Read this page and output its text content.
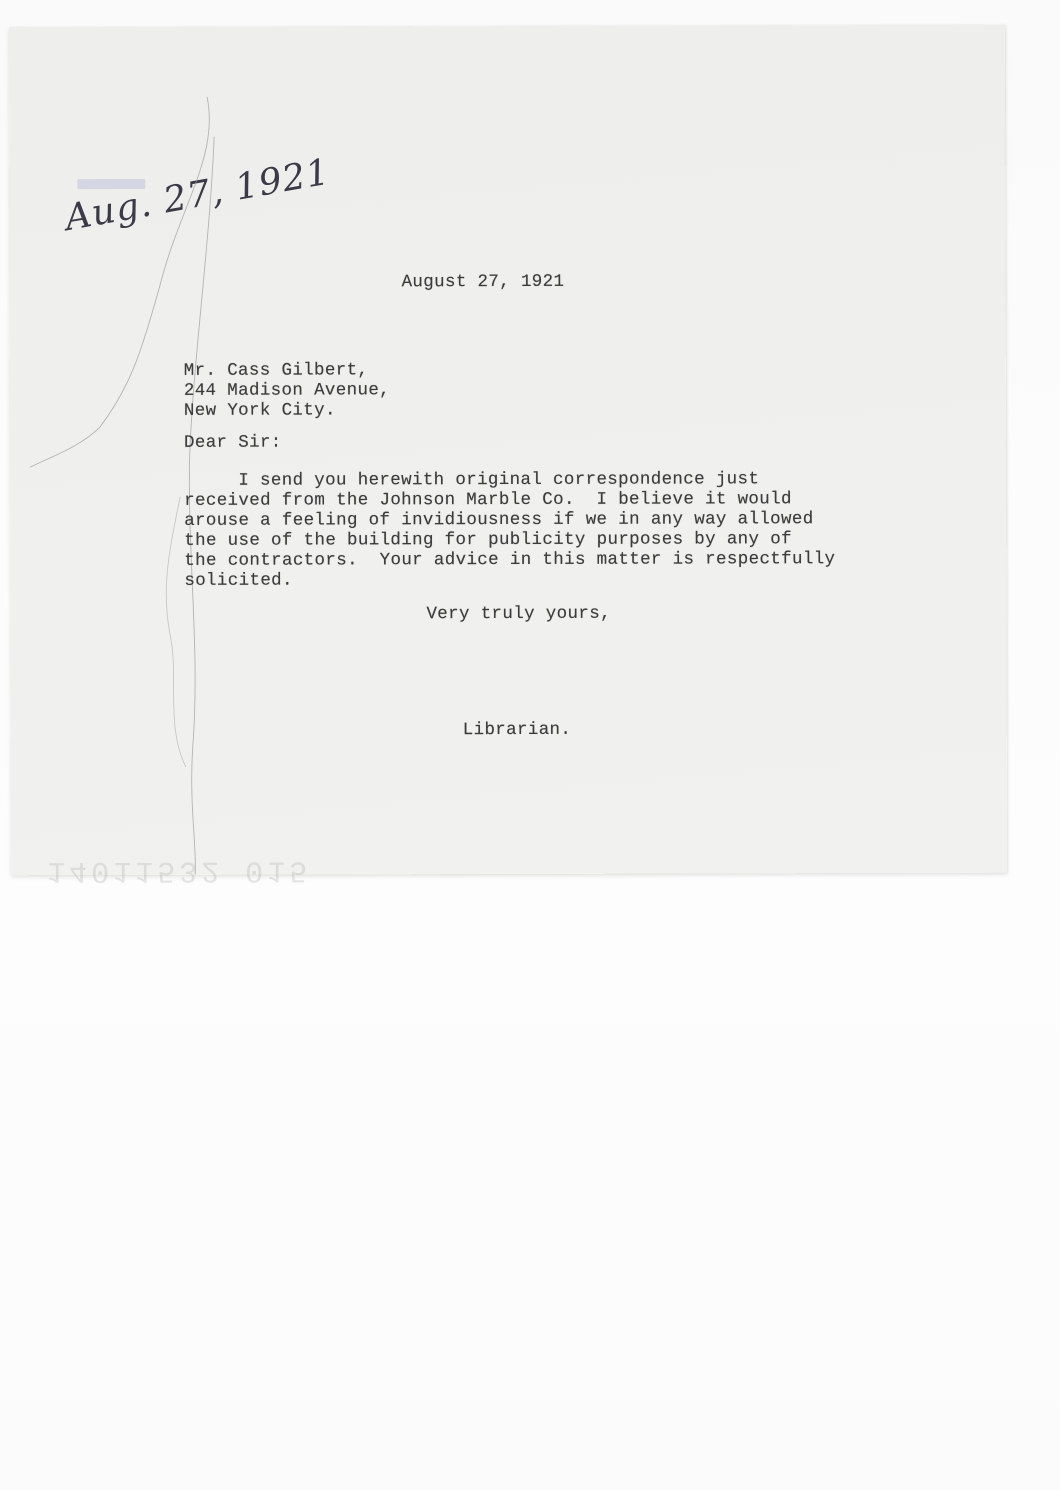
Aug. 27, 1921
August 27, 1921
Mr. Cass Gilbert,
244 Madison Avenue,
New York City.
Dear Sir:
I send you herewith original correspondence just
received from the Johnson Marble Co.  I believe it would
arouse a feeling of invidiousness if we in any way allowed
the use of the building for publicity purposes by any of
the contractors.  Your advice in this matter is respectfully
solicited.
Very truly yours,
Librarian.
14011532 015
